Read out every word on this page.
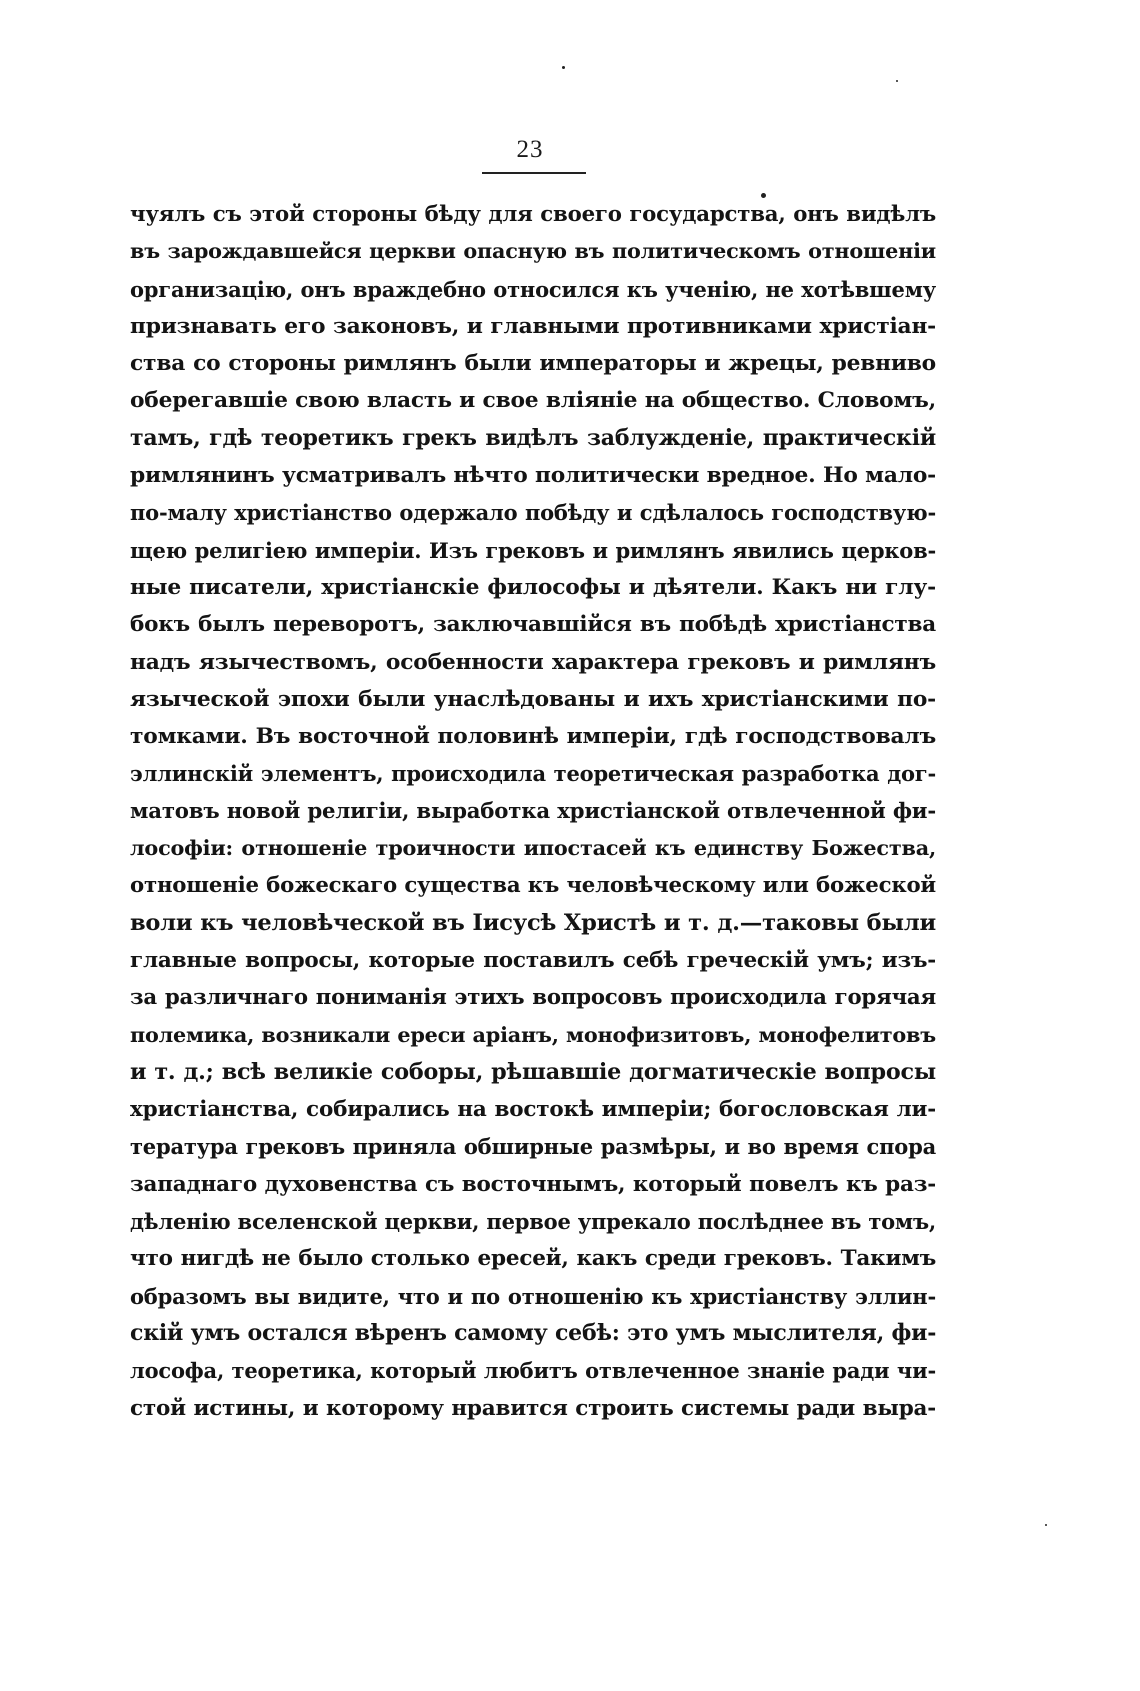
23
чуялъ съ этой стороны бѣду для своего государства, онъ видѣлъ
въ зарождавшейся церкви опасную въ политическомъ отношеніи
организацію, онъ враждебно относился къ ученію, не хотѣвшему
признавать его законовъ, и главными противниками христіан-
ства со стороны римлянъ были императоры и жрецы, ревниво
оберегавшіе свою власть и свое вліяніе на общество. Словомъ,
тамъ, гдѣ теоретикъ грекъ видѣлъ заблужденіе, практическій
римлянинъ усматривалъ нѣчто политически вредное. Но мало-
по-малу христіанство одержало побѣду и сдѣлалось господствую-
щею религіею имперіи. Изъ грековъ и римлянъ явились церков-
ные писатели, христіанскіе философы и дѣятели. Какъ ни глу-
бокъ былъ переворотъ, заключавшійся въ побѣдѣ христіанства
надъ язычествомъ, особенности характера грековъ и римлянъ
языческой эпохи были унаслѣдованы и ихъ христіанскими по-
томками. Въ восточной половинѣ имперіи, гдѣ господствовалъ
эллинскій элементъ, происходила теоретическая разработка дог-
матовъ новой религіи, выработка христіанской отвлеченной фи-
лософіи: отношеніе троичности ипостасей къ единству Божества,
отношеніе божескаго существа къ человѣческому или божеской
воли къ человѣческой въ Іисусѣ Христѣ и т. д.—таковы были
главные вопросы, которые поставилъ себѣ греческій умъ; изъ-
за различнаго пониманія этихъ вопросовъ происходила горячая
полемика, возникали ереси аріанъ, монофизитовъ, монофелитовъ
и т. д.; всѣ великіе соборы, рѣшавшіе догматическіе вопросы
христіанства, собирались на востокѣ имперіи; богословская ли-
тература грековъ приняла обширные размѣры, и во время спора
западнаго духовенства съ восточнымъ, который повелъ къ раз-
дѣленію вселенской церкви, первое упрекало послѣднее въ томъ,
что нигдѣ не было столько ересей, какъ среди грековъ. Такимъ
образомъ вы видите, что и по отношенію къ христіанству эллин-
скій умъ остался вѣренъ самому себѣ: это умъ мыслителя, фи-
лософа, теоретика, который любитъ отвлеченное знаніе ради чи-
стой истины, и которому нравится строить системы ради выра-
